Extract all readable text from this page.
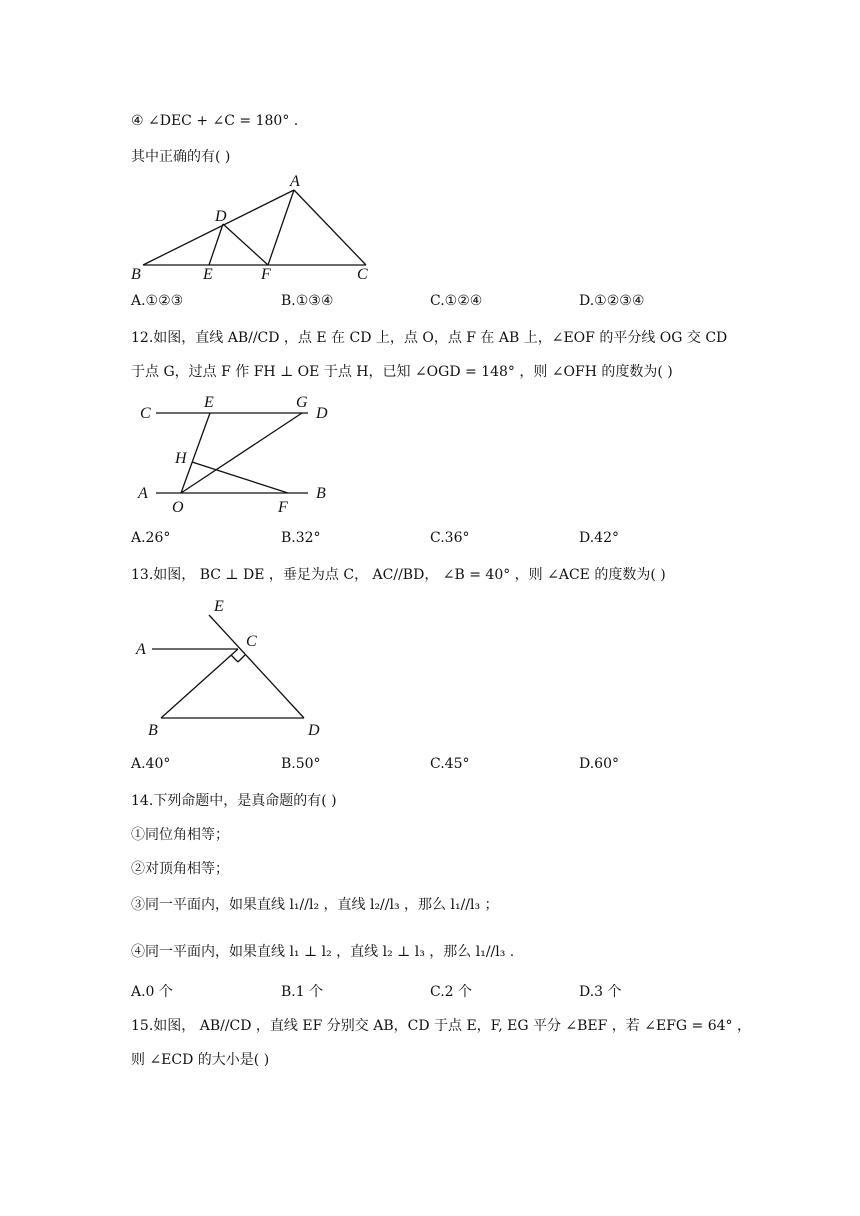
④ ∠DEC + ∠C = 180° .
其中正确的有( )
A
D
B	E	F	C
A.①②③	B.①③④	C.①②④	D.①②③④
12.如图，直线 AB//CD ，点 E 在 CD 上，点 O，点 F 在 AB 上，∠EOF 的平分线 OG 交 CD
于点 G，过点 F 作 FH ⊥ OE 于点 H，已知 ∠OGD = 148° ，则 ∠OFH 的度数为( )
C
E	G
D
H
A
O	F
B
A.26°	B.32°	C.36°	D.42°
13.如图， BC ⊥ DE ，垂足为点 C， AC//BD， ∠B = 40° ，则 ∠ACE 的度数为( )
E
A	C
B	D
A.40°	B.50°	C.45°	D.60°
14.下列命题中，是真命题的有( )
①同位角相等；
②对顶角相等；
③同一平面内，如果直线 l₁//l₂ ，直线 l₂//l₃ ，那么 l₁//l₃ ；
④同一平面内，如果直线 l₁ ⊥ l₂ ，直线 l₂ ⊥ l₃ ，那么 l₁//l₃ .
A.0 个	B.1 个	C.2 个	D.3 个
15.如图， AB//CD ，直线 EF 分别交 AB，CD 于点 E，F, EG 平分 ∠BEF ，若 ∠EFG = 64° ，
则 ∠ECD 的大小是( )
